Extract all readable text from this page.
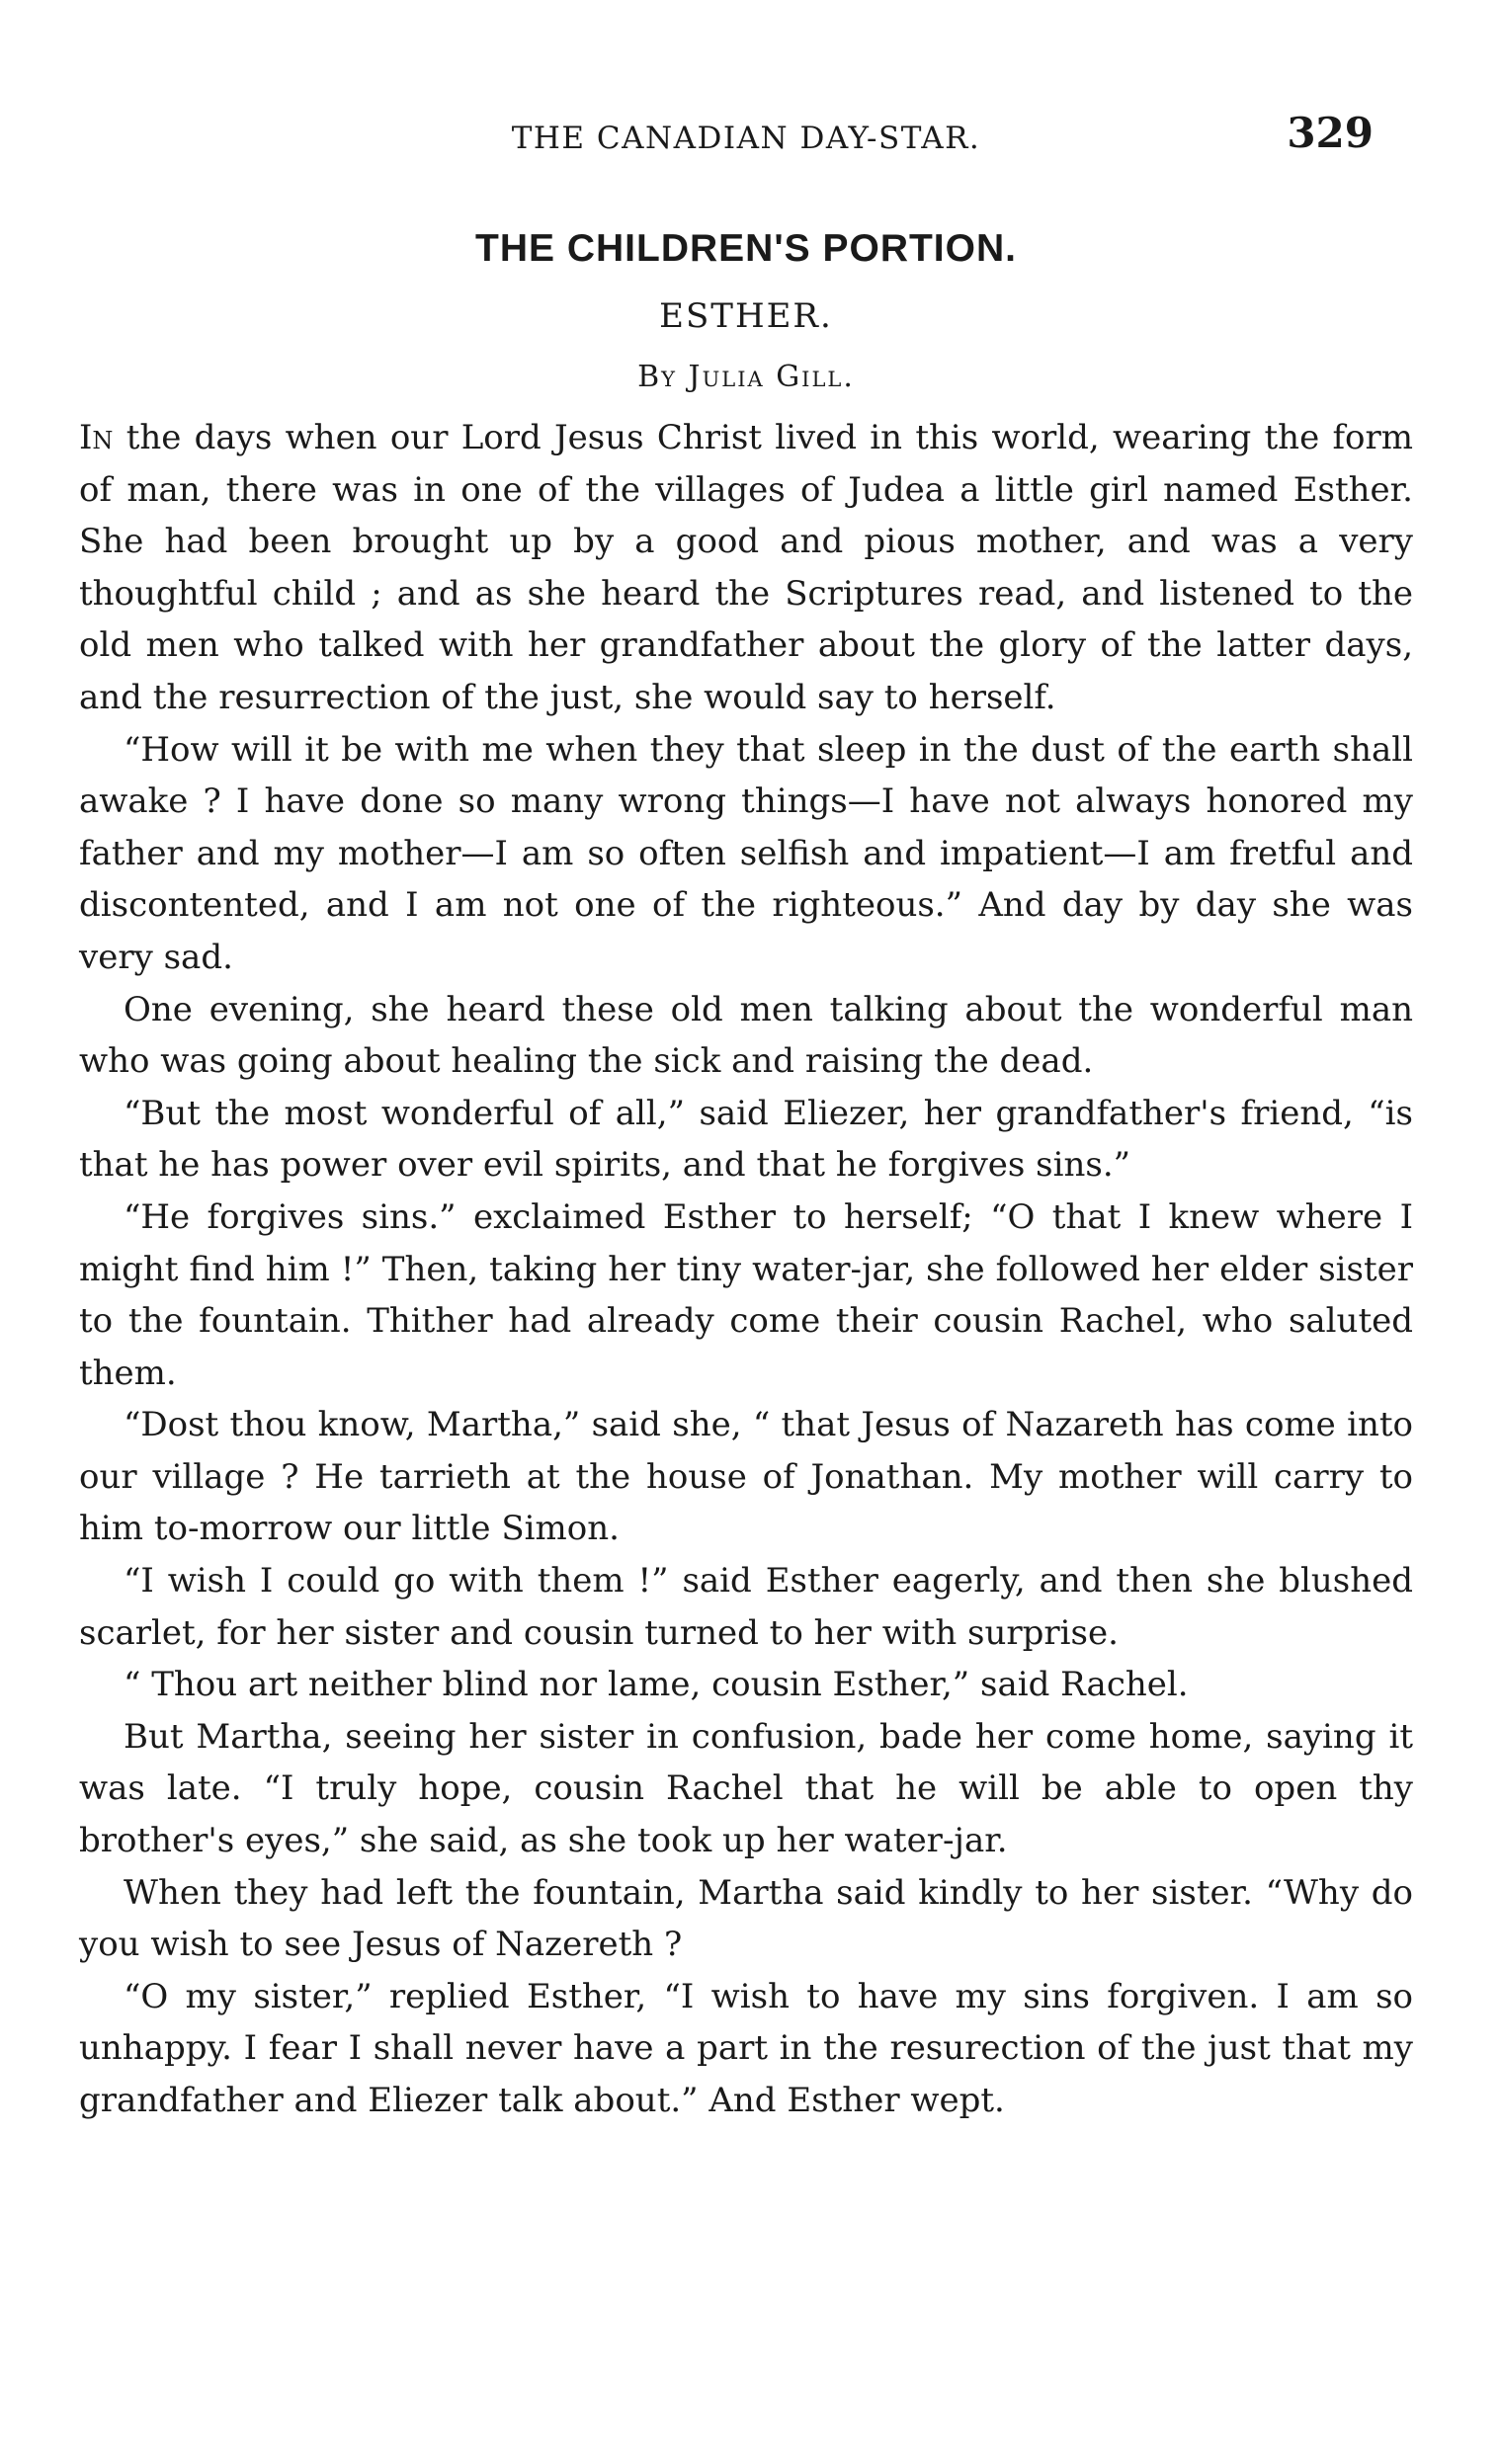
THE CANADIAN DAY-STAR.	329
THE CHILDREN'S PORTION.
ESTHER.
By Julia Gill.

In the days when our Lord Jesus Christ lived in this world, wearing the form of man, there was in one of the villages of Judea a little girl named Esther. She had been brought up by a good and pious mother, and was a very thoughtful child ; and as she heard the Scriptures read, and listened to the old men who talked with her grandfather about the glory of the latter days, and the resurrection of the just, she would say to herself.

“How will it be with me when they that sleep in the dust of the earth shall awake ? I have done so many wrong things—I have not always honored my father and my mother—I am so often selfish and impatient—I am fretful and discontented, and I am not one of the righteous.” And day by day she was very sad.

One evening, she heard these old men talking about the wonderful man who was going about healing the sick and raising the dead.

“But the most wonderful of all,” said Eliezer, her grandfather's friend, “is that he has power over evil spirits, and that he forgives sins.”

“He forgives sins.” exclaimed Esther to herself; “O that I knew where I might find him !” Then, taking her tiny water-jar, she followed her elder sister to the fountain. Thither had already come their cousin Rachel, who saluted them.

“Dost thou know, Martha,” said she, “ that Jesus of Nazareth has come into our village ? He tarrieth at the house of Jonathan. My mother will carry to him to-morrow our little Simon.

“I wish I could go with them !” said Esther eagerly, and then she blushed scarlet, for her sister and cousin turned to her with surprise.

“ Thou art neither blind nor lame, cousin Esther,” said Rachel.

But Martha, seeing her sister in confusion, bade her come home, saying it was late. “I truly hope, cousin Rachel that he will be able to open thy brother's eyes,” she said, as she took up her water-jar.

When they had left the fountain, Martha said kindly to her sister. “Why do you wish to see Jesus of Nazereth ?

“O my sister,” replied Esther, “I wish to have my sins forgiven. I am so unhappy. I fear I shall never have a part in the resurection of the just that my grandfather and Eliezer talk about.” And Esther wept.
